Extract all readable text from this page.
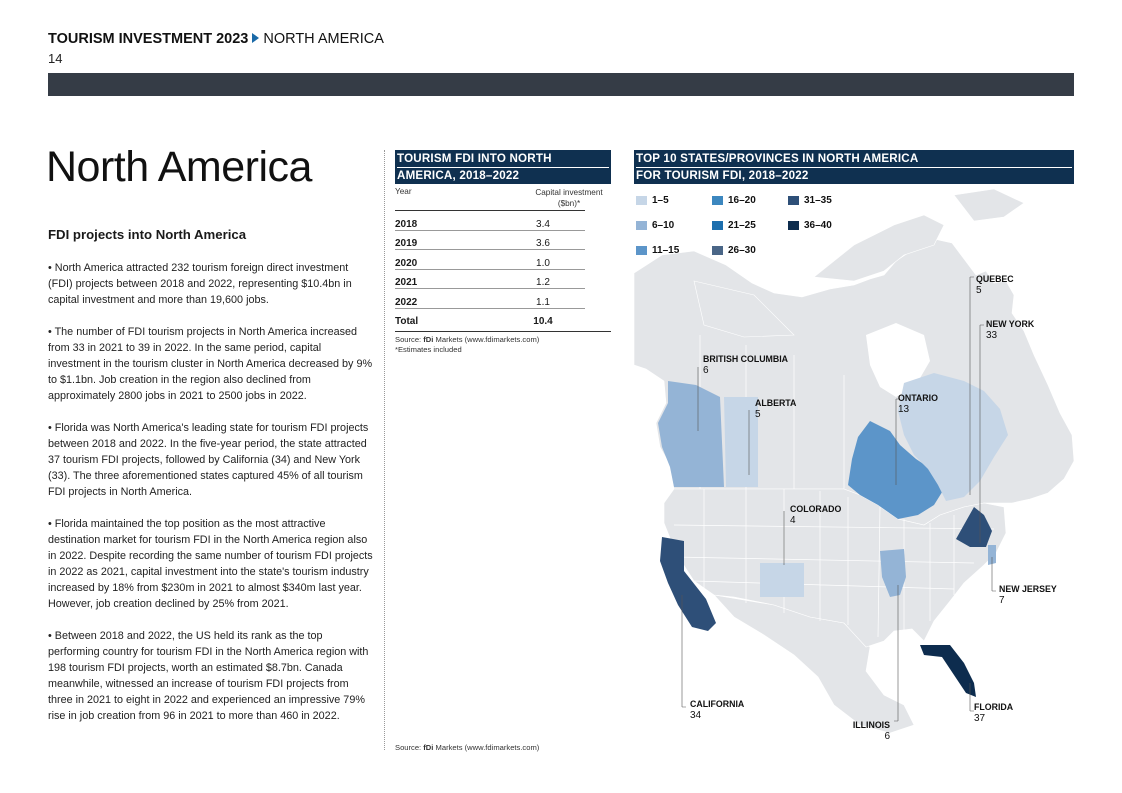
TOURISM INVESTMENT 2023 NORTH AMERICA
14
North America
FDI projects into North America

• North America attracted 232 tourism foreign direct investment (FDI) projects between 2018 and 2022, representing $10.4bn in capital investment and more than 19,600 jobs.

• The number of FDI tourism projects in North America increased from 33 in 2021 to 39 in 2022. In the same period, capital investment in the tourism cluster in North America decreased by 9% to $1.1bn. Job creation in the region also declined from approximately 2800 jobs in 2021 to 2500 jobs in 2022.

• Florida was North America's leading state for tourism FDI projects between 2018 and 2022. In the five-year period, the state attracted 37 tourism FDI projects, followed by California (34) and New York (33). The three aforementioned states captured 45% of all tourism FDI projects in North America.

• Florida maintained the top position as the most attractive destination market for tourism FDI in the North America region also in 2022. Despite recording the same number of tourism FDI projects in 2022 as 2021, capital investment into the state's tourism industry increased by 18% from $230m in 2021 to almost $340m last year. However, job creation declined by 25% from 2021.

• Between 2018 and 2022, the US held its rank as the top performing country for tourism FDI in the North America region with 198 tourism FDI projects, worth an estimated $8.7bn. Canada meanwhile, witnessed an increase of tourism FDI projects from three in 2021 to eight in 2022 and experienced an impressive 79% rise in job creation from 96 in 2021 to more than 460 in 2022.

TOURISM FDI INTO NORTH
AMERICA, 2018–2022
Year	Capital investment
($bn)*
2018	3.4
2019	3.6
2020	1.0
2021	1.2
2022	1.1
Total	10.4
Source: fDi Markets (www.fdimarkets.com)
*Estimates included
Source: fDi Markets (www.fdimarkets.com)
TOP 10 STATES/PROVINCES IN NORTH AMERICA
FOR TOURISM FDI, 2018–2022
1–5	16–20	31–35
6–10	21–25	36–40
11–15	26–30
QUEBEC
5
NEW YORK
33
BRITISH COLUMBIA
6
ONTARIO
13
ALBERTA
5
COLORADO
4
NEW JERSEY
7
CALIFORNIA
34
FLORIDA
37
ILLINOIS
6
